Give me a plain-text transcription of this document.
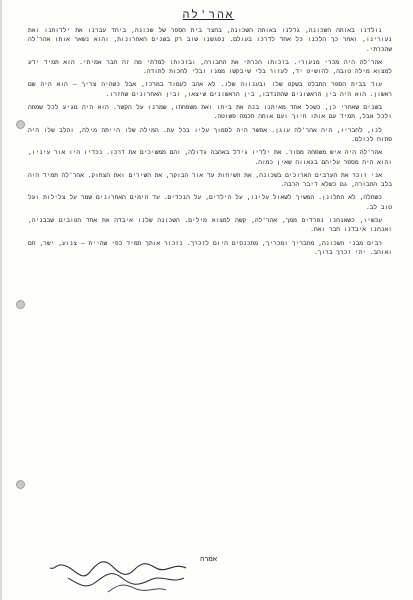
אהר'לה

נולדנו באותה השכונה, גדלנו באותה השכונה, בחצר בית הספר של שכונה, ביחד עברנו את ילדותנו ואת נעורינו, ואחר כך הלכנו כל אחד לדרכו בעולם. נפגשנו שוב רק בשנים האחרונות, והוא נשאר אותו אהר'לה שהכרתי.

אהר'לה היה מכרי מנעורי. בזכותו הכרתי את החבורה, ובזכותו למדתי מה זה חבר אמיתי. הוא תמיד ידע למצוא מילה טובה, להושיט יד, לעזור בלי שיבקשו ממנו ובלי לחכות לתודה.

עוד בבית הספר התבלט בשקט שלו ובענווה שלו. לא אהב לעמוד במרכז, אבל כשהיה צריך — הוא היה שם ראשון. הוא היה בין הראשונים שהתנדבו, בין הראשונים שיצאו, ובין האחרונים שחזרו.

בשנים שאחרי כן, כשכל אחד מאיתנו בנה את ביתו ואת משפחתו, שמרנו על הקשר. הוא היה מגיע לכל שמחה ולכל אבל, תמיד עם אותו חיוך ועם אותה חכמה פשוטה.

לנו, לחבריו, היה אהר'לה עוגן. אפשר היה לסמוך עליו בכל עת. המילה שלו הייתה מילה, והלב שלו היה פתוח לכולם.

אהר'לה היה איש משפחה מסור. את ילדיו גידל באהבה גדולה, והם ממשיכים את דרכו. נכדיו היו אור עיניו, והוא היה מספר עליהם בגאווה שאין כמוה.

אני זוכר את הערבים הארוכים בשכונה, את השיחות עד אור הבוקר, את השירים ואת הצחוק. אהר'לה תמיד היה בלב החבורה, גם כשלא דיבר הרבה.

כשחלה, לא התלונן. המשיך לשאול עלינו, על הילדים, על הנכדים. עד הימים האחרונים שמר על צלילות ועל טוב לב.

עכשיו, כשאנחנו נפרדים ממך, אהר'לה, קשה למצוא מילים. השכונה שלנו איבדה את אחד הטובים שבבניה, ואנחנו איבדנו חבר ואח.

רבים מבני השכונה, מחבריך ומכריך, מתכנסים היום לזכרך. נזכור אותך תמיד כפי שהיית — צנוע, ישר, חם ואוהב. יהי זכרך ברוך.

אמרה
